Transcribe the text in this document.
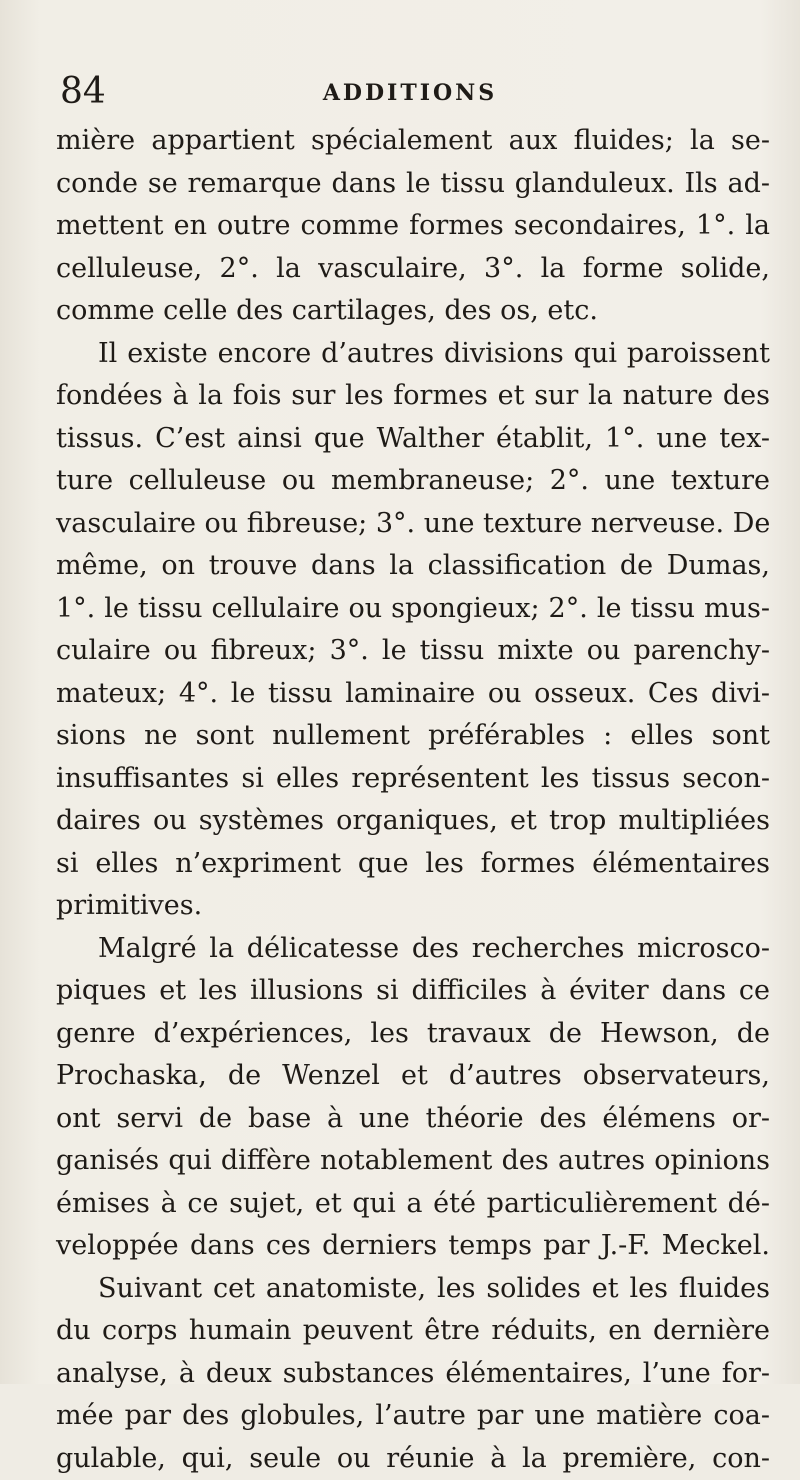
84	ADDITIONS
mière appartient spécialement aux fluides; la se-
conde se remarque dans le tissu glanduleux. Ils ad-
mettent en outre comme formes secondaires, 1°. la
celluleuse, 2°. la vasculaire, 3°. la forme solide,
comme celle des cartilages, des os, etc.
Il existe encore d’autres divisions qui paroissent
fondées à la fois sur les formes et sur la nature des
tissus. C’est ainsi que Walther établit, 1°. une tex-
ture celluleuse ou membraneuse; 2°. une texture
vasculaire ou fibreuse; 3°. une texture nerveuse. De
même, on trouve dans la classification de Dumas,
1°. le tissu cellulaire ou spongieux; 2°. le tissu mus-
culaire ou fibreux; 3°. le tissu mixte ou parenchy-
mateux; 4°. le tissu laminaire ou osseux. Ces divi-
sions ne sont nullement préférables : elles sont
insuffisantes si elles représentent les tissus secon-
daires ou systèmes organiques, et trop multipliées
si elles n’expriment que les formes élémentaires
primitives.
Malgré la délicatesse des recherches microsco-
piques et les illusions si difficiles à éviter dans ce
genre d’expériences, les travaux de Hewson, de
Prochaska, de Wenzel et d’autres observateurs,
ont servi de base à une théorie des élémens or-
ganisés qui diffère notablement des autres opinions
émises à ce sujet, et qui a été particulièrement dé-
veloppée dans ces derniers temps par J.-F. Meckel.
Suivant cet anatomiste, les solides et les fluides
du corps humain peuvent être réduits, en dernière
analyse, à deux substances élémentaires, l’une for-
mée par des globules, l’autre par une matière coa-
gulable, qui, seule ou réunie à la première, con-
